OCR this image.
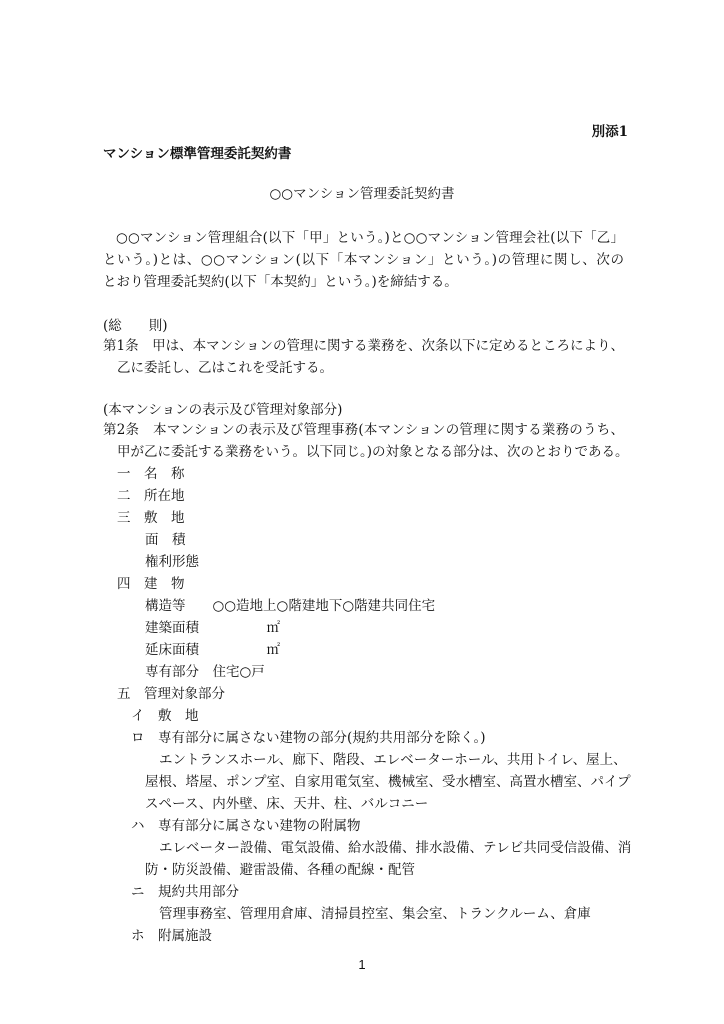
別添1
マンション標準管理委託契約書
○○マンション管理委託契約書
○○マンション管理組合(以下「甲」という。)と○○マンション管理会社(以下「乙」
という。)とは、○○マンション(以下「本マンション」という。)の管理に関し、次の
とおり管理委託契約(以下「本契約」という。)を締結する。
(総　　則)
第1条　甲は、本マンションの管理に関する業務を、次条以下に定めるところにより、
乙に委託し、乙はこれを受託する。
(本マンションの表示及び管理対象部分)
第2条　本マンションの表示及び管理事務(本マンションの管理に関する業務のうち、
甲が乙に委託する業務をいう。以下同じ。)の対象となる部分は、次のとおりである。
一　名　称
二　所在地
三　敷　地
面　積
権利形態
四　建　物
構造等　　○○造地上○階建地下○階建共同住宅
建築面積　　　　　㎡
延床面積　　　　　㎡
専有部分　住宅○戸
五　管理対象部分
イ　敷　地
ロ　専有部分に属さない建物の部分(規約共用部分を除く。)
エントランスホール、廊下、階段、エレベーターホール、共用トイレ、屋上、
屋根、塔屋、ポンプ室、自家用電気室、機械室、受水槽室、高置水槽室、パイプ
スペース、内外壁、床、天井、柱、バルコニー
ハ　専有部分に属さない建物の附属物
エレベーター設備、電気設備、給水設備、排水設備、テレビ共同受信設備、消
防・防災設備、避雷設備、各種の配線・配管
ニ　規約共用部分
管理事務室、管理用倉庫、清掃員控室、集会室、トランクルーム、倉庫
ホ　附属施設
1
